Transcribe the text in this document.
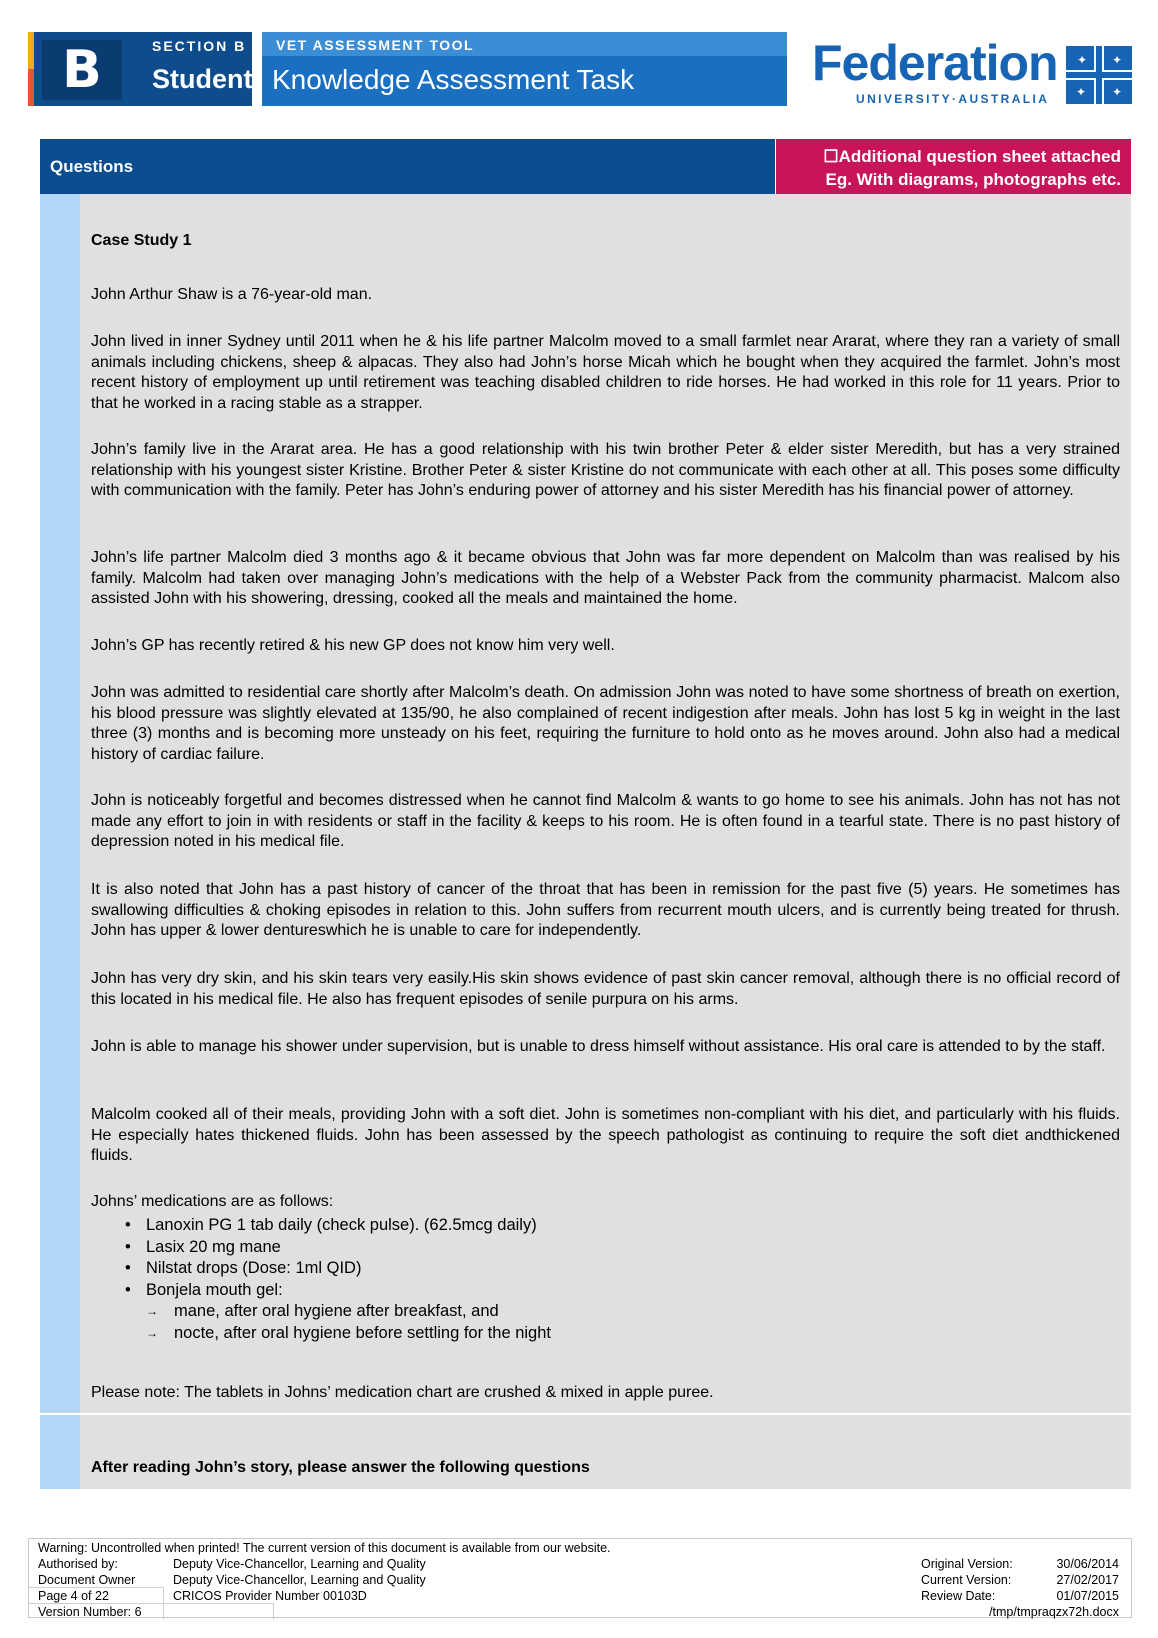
B	SECTION B
Student
VET ASSESSMENT TOOL
Knowledge Assessment Task	Federation
UNIVERSITY·AUSTRALIA
✦ ✦
✦ ✦
Questions
☐Additional question sheet attached
Eg. With diagrams, photographs etc.

Case Study 1

John Arthur Shaw is a 76-year-old man.

John lived in inner Sydney until 2011 when he & his life partner Malcolm moved to a small farmlet near Ararat, where they ran a variety of small animals including chickens, sheep & alpacas. They also had John’s horse Micah which he bought when they acquired the farmlet. John’s most recent history of employment up until retirement was teaching disabled children to ride horses. He had worked in this role for 11 years. Prior to that he worked in a racing stable as a strapper.

John’s family live in the Ararat area. He has a good relationship with his twin brother Peter & elder sister Meredith, but has a very strained relationship with his youngest sister Kristine. Brother Peter & sister Kristine do not communicate with each other at all. This poses some difficulty with communication with the family. Peter has John’s enduring power of attorney and his sister Meredith has his financial power of attorney.

John’s life partner Malcolm died 3 months ago & it became obvious that John was far more dependent on Malcolm than was realised by his family. Malcolm had taken over managing John’s medications with the help of a Webster Pack from the community pharmacist. Malcom also assisted John with his showering, dressing, cooked all the meals and maintained the home.

John’s GP has recently retired & his new GP does not know him very well.

John was admitted to residential care shortly after Malcolm’s death. On admission John was noted to have some shortness of breath on exertion, his blood pressure was slightly elevated at 135/90, he also complained of recent indigestion after meals. John has lost 5 kg in weight in the last three (3) months and is becoming more unsteady on his feet, requiring the furniture to hold onto as he moves around. John also had a medical history of cardiac failure.

John is noticeably forgetful and becomes distressed when he cannot find Malcolm & wants to go home to see his animals. John has not has not made any effort to join in with residents or staff in the facility & keeps to his room. He is often found in a tearful state. There is no past history of depression noted in his medical file.

It is also noted that John has a past history of cancer of the throat that has been in remission for the past five (5) years. He sometimes has swallowing difficulties & choking episodes in relation to this. John suffers from recurrent mouth ulcers, and is currently being treated for thrush. John has upper & lower dentureswhich he is unable to care for independently.

John has very dry skin, and his skin tears very easily.His skin shows evidence of past skin cancer removal, although there is no official record of this located in his medical file. He also has frequent episodes of senile purpura on his arms.

John is able to manage his shower under supervision, but is unable to dress himself without assistance. His oral care is attended to by the staff.

Malcolm cooked all of their meals, providing John with a soft diet. John is sometimes non-compliant with his diet, and particularly with his fluids. He especially hates thickened fluids. John has been assessed by the speech pathologist as continuing to require the soft diet andthickened fluids.

Johns’ medications are as follows:

• Lanoxin PG 1 tab daily (check pulse). (62.5mcg daily)
• Lasix 20 mg mane
• Nilstat drops (Dose: 1ml QID)
• Bonjela mouth gel:
→ mane, after oral hygiene after breakfast, and
→ nocte, after oral hygiene before settling for the night

Please note: The tablets in Johns’ medication chart are crushed & mixed in apple puree.

After reading John’s story, please answer the following questions

Warning: Uncontrolled when printed! The current version of this document is available from our website.
Authorised by:	Deputy Vice-Chancellor, Learning and Quality
Document Owner	Deputy Vice-Chancellor, Learning and Quality
Page 4 of 22	CRICOS Provider Number 00103D
Version Number: 6
Original Version:	30/06/2014
Current Version:	27/02/2017
Review Date:	01/07/2015
/tmp/tmpraqzx72h.docx
